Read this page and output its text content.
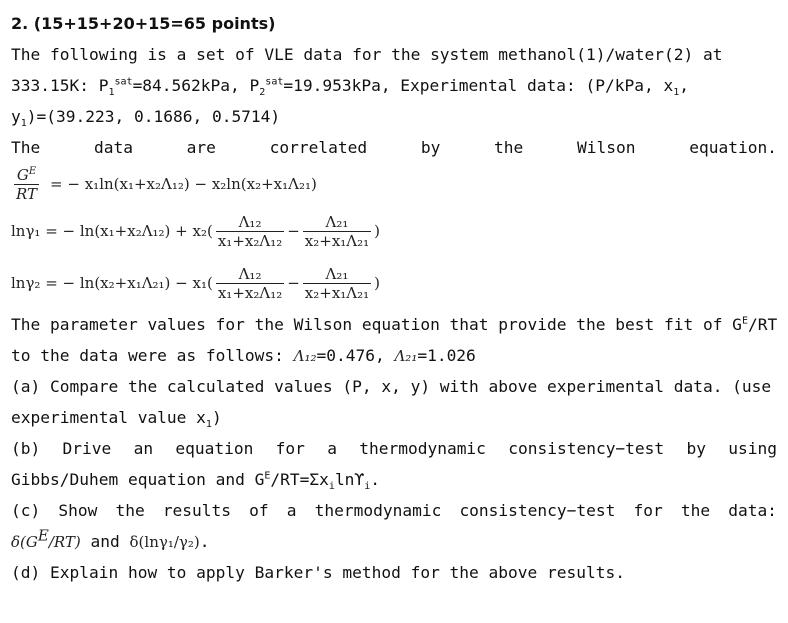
2. (15+15+20+15=65 points)
The following is a set of VLE data for the system methanol(1)/water(2) at
333.15K: $P_1^{sat}=84.562kPa$, $P_2^{sat}=19.953kPa$, Experimental data: (P/kPa, $x_1$,
$y_1)=(39.223$, 0.1686, 0.5714)
The	data	are	correlated	by	the	Wilson	equation.
$\frac{G^E}{RT}$ = − x₁ln(x₁+x₂Λ₁₂) − x₂ln(x₂+x₁Λ₂₁)
lnγ₁ = − $\ln(x_1+x_2\Lambda_{12}) + x_2( \frac{\text{Λ₁₂}}{\text{x₁+x₂Λ₁₂}} - \frac{\text{Λ₂₁}}{\text{x₂+x₁Λ₂₁}}$ )
lnγ₂ = − $\ln(x_2+x_1\Lambda_{21}) - x_1( \frac{\text{Λ₁₂}}{\text{x₁+x₂Λ₁₂}} - \frac{\text{Λ₂₁}}{\text{x₂+x₁Λ₂₁}}$ )
The parameter values for the Wilson equation that provide the best fit of $G^E/RT$
to the data were as follows: Λ₁₂=0.476, Λ₂₁=1.026
(a) Compare the calculated values (P, x, y) with above experimental data. (use
experimental value $x_1$)
(b) Drive an equation for a thermodynamic consistency−test by using
Gibbs/Duhem equation and $G^E/RT=\Sigma x_i\ln ϒ_i$.
(c) Show the results of a thermodynamic consistency−test for the data:
$\delta(G^E/RT)$ and δ(lnγ₁/γ₂).
(d) Explain how to apply Barker's method for the above results.
